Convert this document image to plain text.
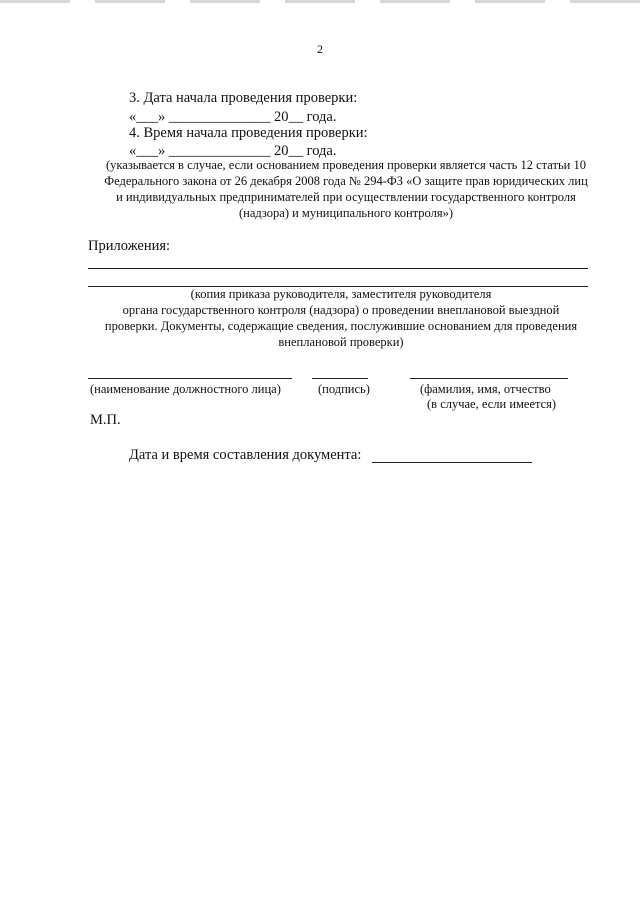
2
3. Дата начала проведения проверки:
«___» ______________ 20__ года.
4. Время начала проведения проверки:
«___» ______________ 20__ года.
(указывается в случае, если основанием проведения проверки является часть 12 статьи 10
Федерального закона от 26 декабря 2008 года № 294-ФЗ «О защите прав юридических лиц
и индивидуальных предпринимателей при осуществлении государственного контроля
(надзора) и муниципального контроля»)
Приложения:
(копия приказа руководителя, заместителя руководителя
органа государственного контроля (надзора) о проведении внеплановой выездной
проверки. Документы, содержащие сведения, послужившие основанием для проведения
внеплановой проверки)
(наименование должностного лица)	(подпись)	(фамилия, имя, отчество
(в случае, если имеется)
М.П.
Дата и время составления документа:
